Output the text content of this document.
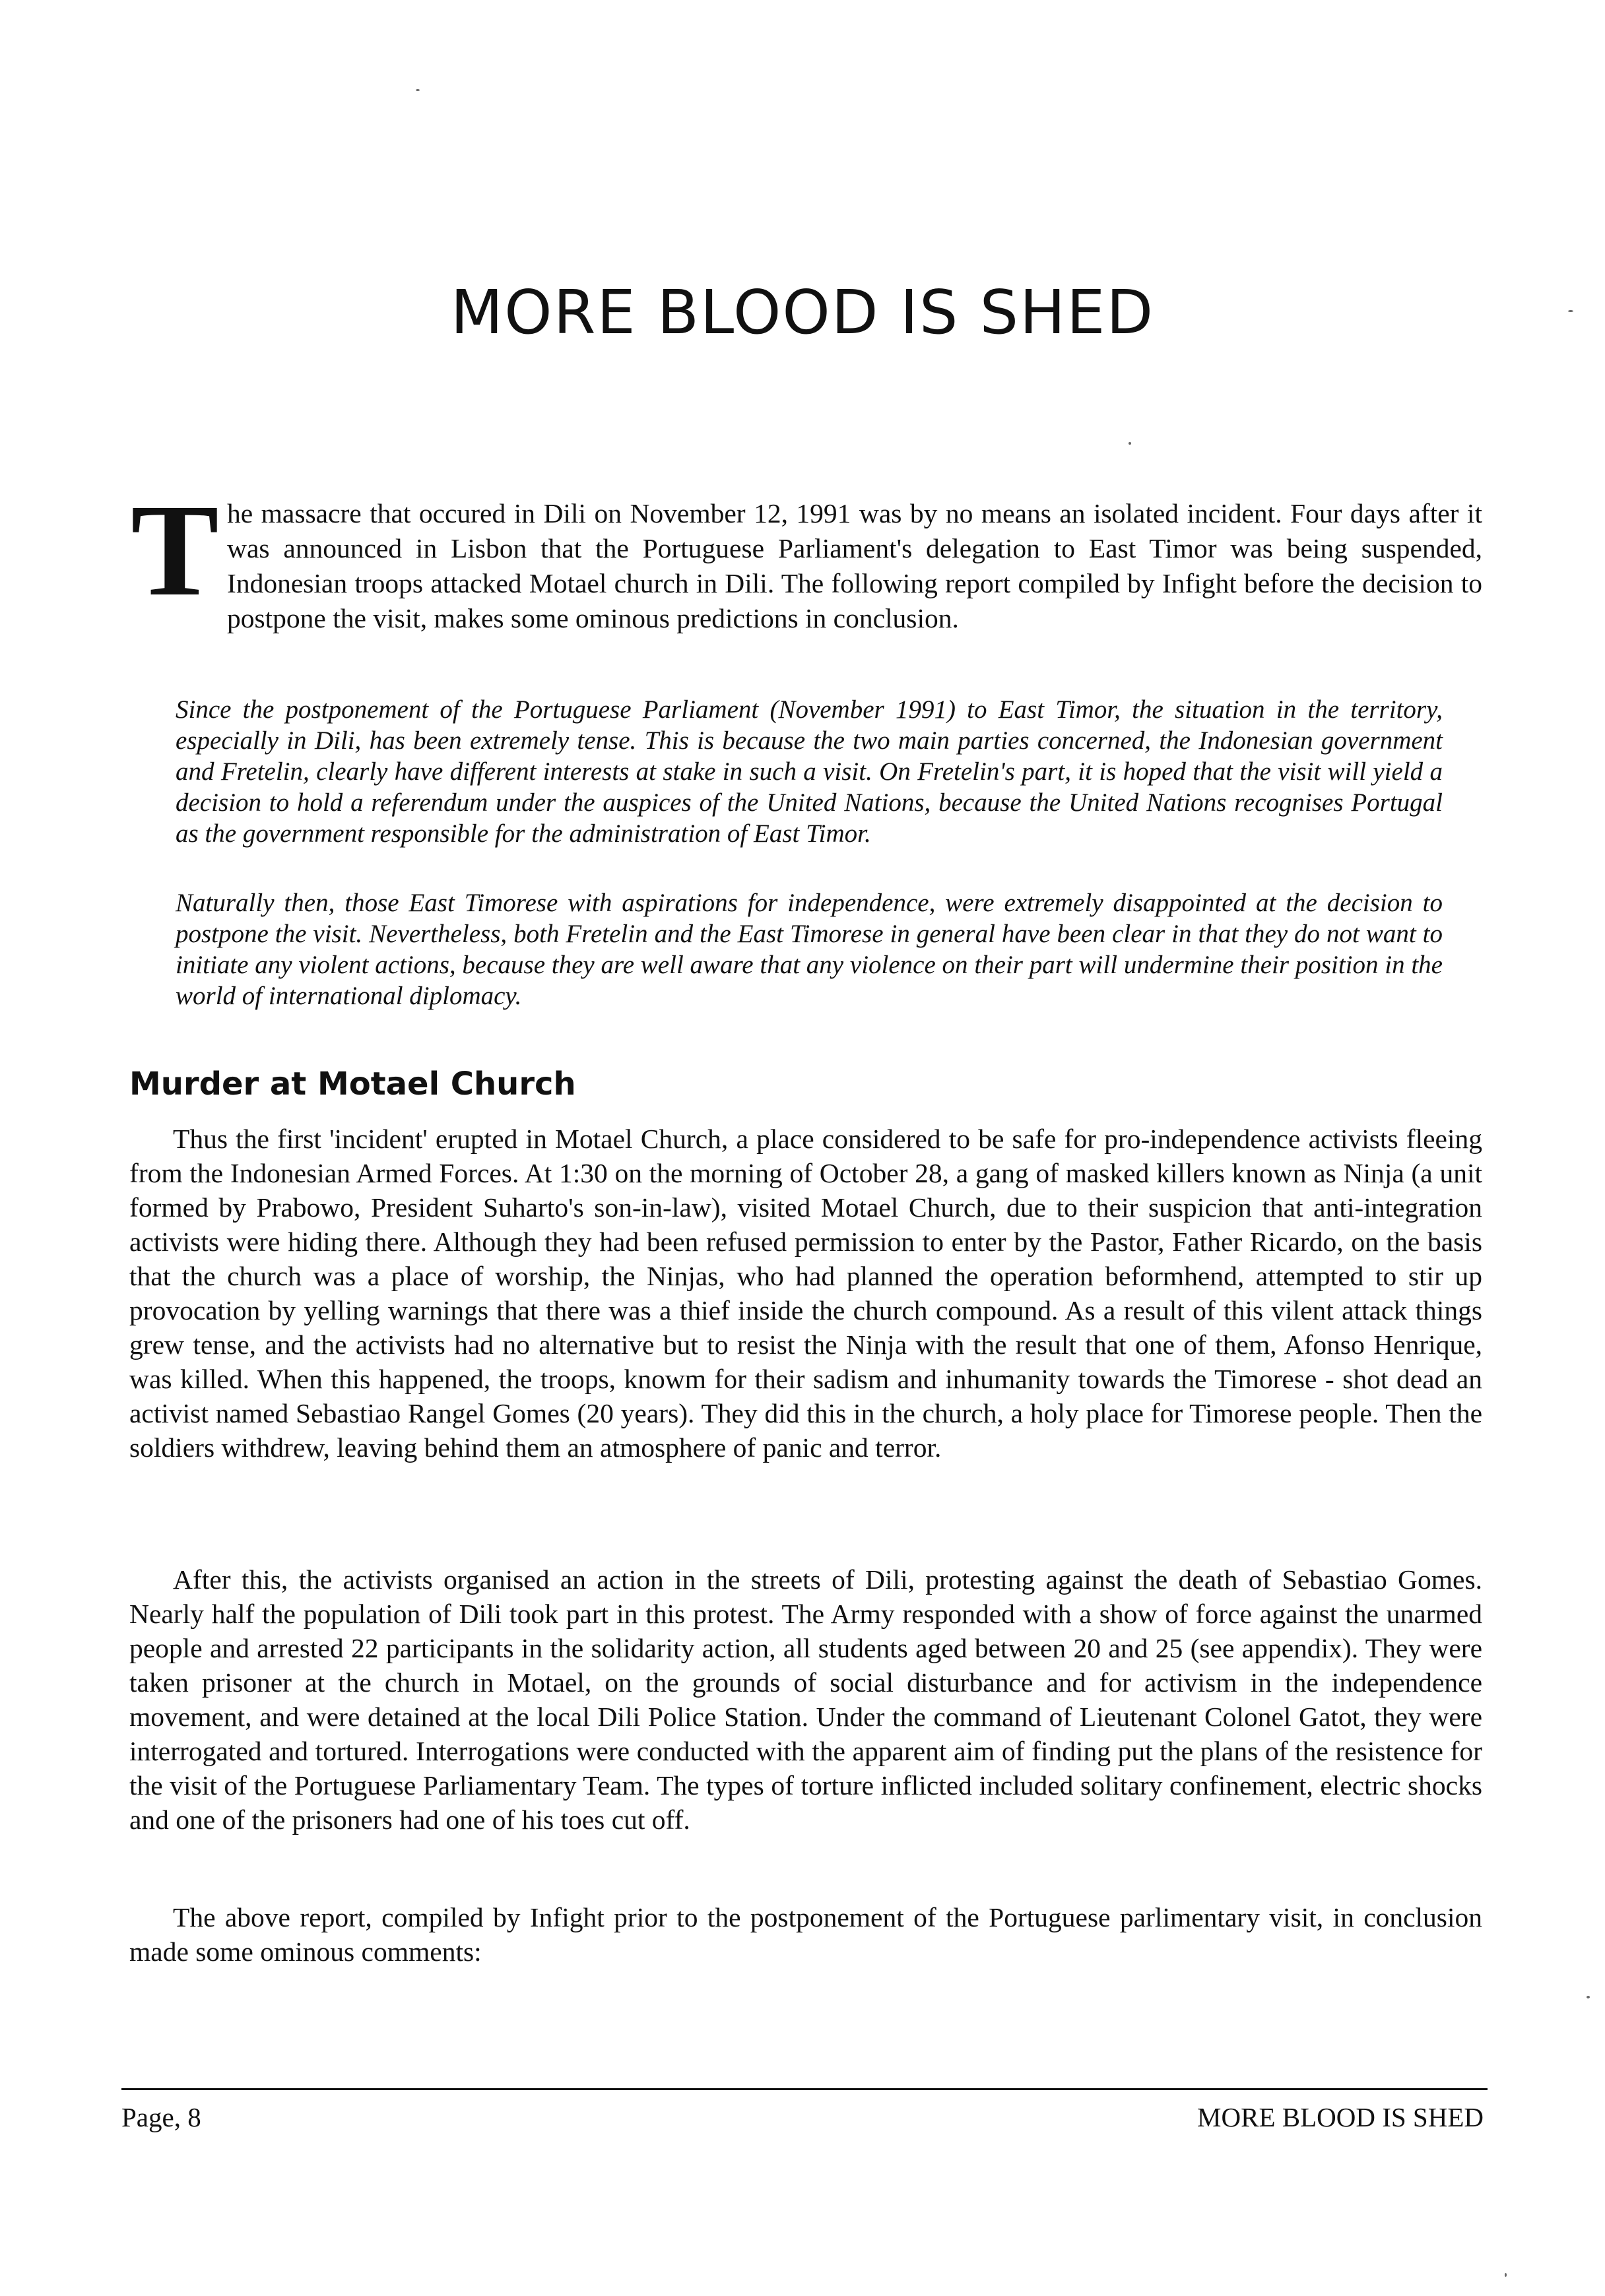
MORE BLOOD IS SHED
T he massacre that occured in Dili on November 12, 1991 was by no means an isolated incident. Four days after it was announced in Lisbon that the Portuguese Parliament's delegation to East Timor was being suspended, Indonesian troops attacked Motael church in Dili. The following report compiled by Infight before the decision to postpone the visit, makes some ominous predictions in conclusion.

Since the postponement of the Portuguese Parliament (November 1991) to East Timor, the situation in the territory, especially in Dili, has been extremely tense. This is because the two main parties concerned, the Indonesian government and Fretelin, clearly have different interests at stake in such a visit. On Fretelin's part, it is hoped that the visit will yield a decision to hold a referendum under the auspices of the United Nations, because the United Nations recognises Portugal as the government responsible for the administration of East Timor.

Naturally then, those East Timorese with aspirations for independence, were extremely disappointed at the decision to postpone the visit. Nevertheless, both Fretelin and the East Timorese in general have been clear in that they do not want to initiate any violent actions, because they are well aware that any violence on their part will undermine their position in the world of international diplomacy.

Murder at Motael Church

Thus the first 'incident' erupted in Motael Church, a place considered to be safe for pro-independence activists fleeing from the Indonesian Armed Forces. At 1:30 on the morning of October 28, a gang of masked killers known as Ninja (a unit formed by Prabowo, President Suharto's son-in-law), visited Motael Church, due to their suspicion that anti-integration activists were hiding there. Although they had been refused permission to enter by the Pastor, Father Ricardo, on the basis that the church was a place of worship, the Ninjas, who had planned the operation beformhend, attempted to stir up provocation by yelling warnings that there was a thief inside the church compound. As a result of this vilent attack things grew tense, and the activists had no alternative but to resist the Ninja with the result that one of them, Afonso Henrique, was killed. When this happened, the troops, knowm for their sadism and inhumanity towards the Timorese - shot dead an activist named Sebastiao Rangel Gomes (20 years). They did this in the church, a holy place for Timorese people. Then the soldiers withdrew, leaving behind them an atmosphere of panic and terror.

After this, the activists organised an action in the streets of Dili, protesting against the death of Sebastiao Gomes. Nearly half the population of Dili took part in this protest. The Army responded with a show of force against the unarmed people and arrested 22 participants in the solidarity action, all students aged between 20 and 25 (see appendix). They were taken prisoner at the church in Motael, on the grounds of social disturbance and for activism in the independence movement, and were detained at the local Dili Police Station. Under the command of Lieutenant Colonel Gatot, they were interrogated and tortured. Interrogations were conducted with the apparent aim of finding put the plans of the resistence for the visit of the Portuguese Parliamentary Team. The types of torture inflicted included solitary confinement, electric shocks and one of the prisoners had one of his toes cut off.

The above report, compiled by Infight prior to the postponement of the Portuguese parlimentary visit, in conclusion made some ominous comments:

Page, 8	MORE BLOOD IS SHED
